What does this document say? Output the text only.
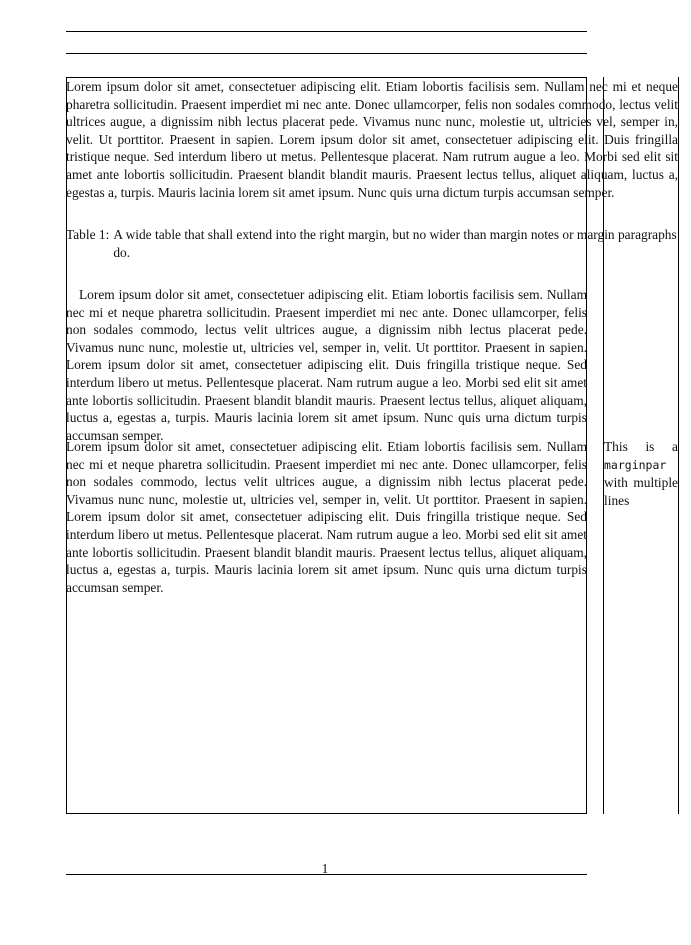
Lorem ipsum dolor sit amet, consectetuer adipiscing elit. Etiam lobortis facilisis sem. Nullam nec mi et neque pharetra sollicitudin. Praesent imperdiet mi nec ante. Donec ullamcorper, felis non sodales commodo, lectus velit ultrices augue, a dignissim nibh lectus placerat pede. Vivamus nunc nunc, molestie ut, ultricies vel, semper in, velit. Ut porttitor. Praesent in sapien. Lorem ipsum dolor sit amet, consectetuer adipiscing elit. Duis fringilla tristique neque. Sed interdum libero ut metus. Pellentesque placerat. Nam rutrum augue a leo. Morbi sed elit sit amet ante lobortis sollicitudin. Praesent blandit blandit mauris. Praesent lectus tellus, aliquet aliquam, luctus a, egestas a, turpis. Mauris lacinia lorem sit amet ipsum. Nunc quis urna dictum turpis accumsan semper.
Table 1: A wide table that shall extend into the right margin, but no wider than margin notes or margin paragraphs do.
Lorem ipsum dolor sit amet, consectetuer adipiscing elit. Etiam lobortis facilisis sem. Nullam nec mi et neque pharetra sollicitudin. Praesent imperdiet mi nec ante. Donec ullamcorper, felis non sodales commodo, lectus velit ultrices augue, a dignissim nibh lectus placerat pede. Vivamus nunc nunc, molestie ut, ultricies vel, semper in, velit. Ut porttitor. Praesent in sapien. Lorem ipsum dolor sit amet, consectetuer adipiscing elit. Duis fringilla tristique neque. Sed interdum libero ut metus. Pellentesque placerat. Nam rutrum augue a leo. Morbi sed elit sit amet ante lobortis sollicitudin. Praesent blandit blandit mauris. Praesent lectus tellus, aliquet aliquam, luctus a, egestas a, turpis. Mauris lacinia lorem sit amet ipsum. Nunc quis urna dictum turpis accumsan semper.
Lorem ipsum dolor sit amet, consectetuer adipiscing elit. Etiam lobortis facilisis sem. Nullam nec mi et neque pharetra sollicitudin. Praesent imperdiet mi nec ante. Donec ullamcorper, felis non sodales commodo, lectus velit ultrices augue, a dignissim nibh lectus placerat pede. Vivamus nunc nunc, molestie ut, ultricies vel, semper in, velit. Ut porttitor. Praesent in sapien. Lorem ipsum dolor sit amet, consectetuer adipiscing elit. Duis fringilla tristique neque. Sed interdum libero ut metus. Pellentesque placerat. Nam rutrum augue a leo. Morbi sed elit sit amet ante lobortis sollicitudin. Praesent blandit blandit mauris. Praesent lectus tellus, aliquet aliquam, luctus a, egestas a, turpis. Mauris lacinia lorem sit amet ipsum. Nunc quis urna dictum turpis accumsan semper.
This is a marginpar with multiple lines
1
